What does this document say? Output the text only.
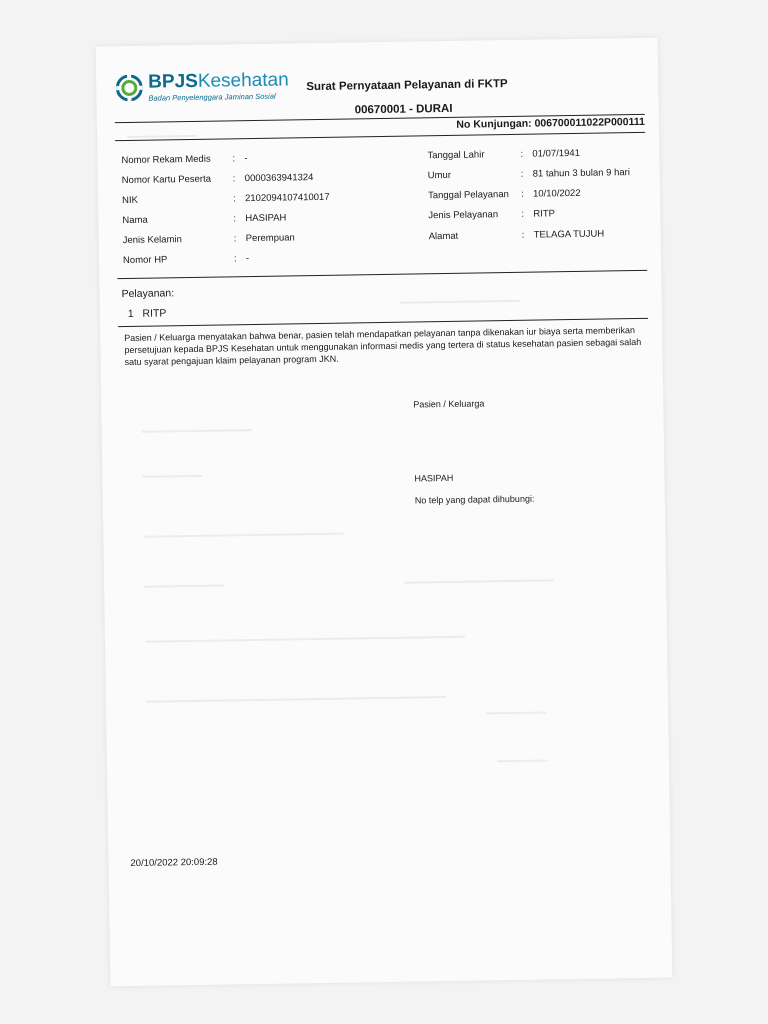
BPJSKesehatan
Badan Penyelenggara Jaminan Sosial
Surat Pernyataan Pelayanan di FKTP
00670001 - DURAI
No Kunjungan: 006700011022P000111
Nomor Rekam Medis : -
Nomor Kartu Peserta : 0000363941324
NIK	: 2102094107410017
Nama	: HASIPAH
Jenis Kelamin	: Perempuan
Nomor HP	: -
Tanggal Lahir	: 01/07/1941
Umur	: 81 tahun 3 bulan 9 hari
Tanggal Pelayanan : 10/10/2022
Jenis Pelayanan : RITP
Alamat	: TELAGA TUJUH
Pelayanan:
1 RITP
Pasien / Keluarga menyatakan bahwa benar, pasien telah mendapatkan pelayanan tanpa dikenakan iur biaya serta memberikan persetujuan kepada BPJS Kesehatan untuk menggunakan informasi medis yang tertera di status kesehatan pasien sebagai salah satu syarat pengajuan klaim pelayanan program JKN.
Pasien / Keluarga
HASIPAH
No telp yang dapat dihubungi:
20/10/2022 20:09:28
